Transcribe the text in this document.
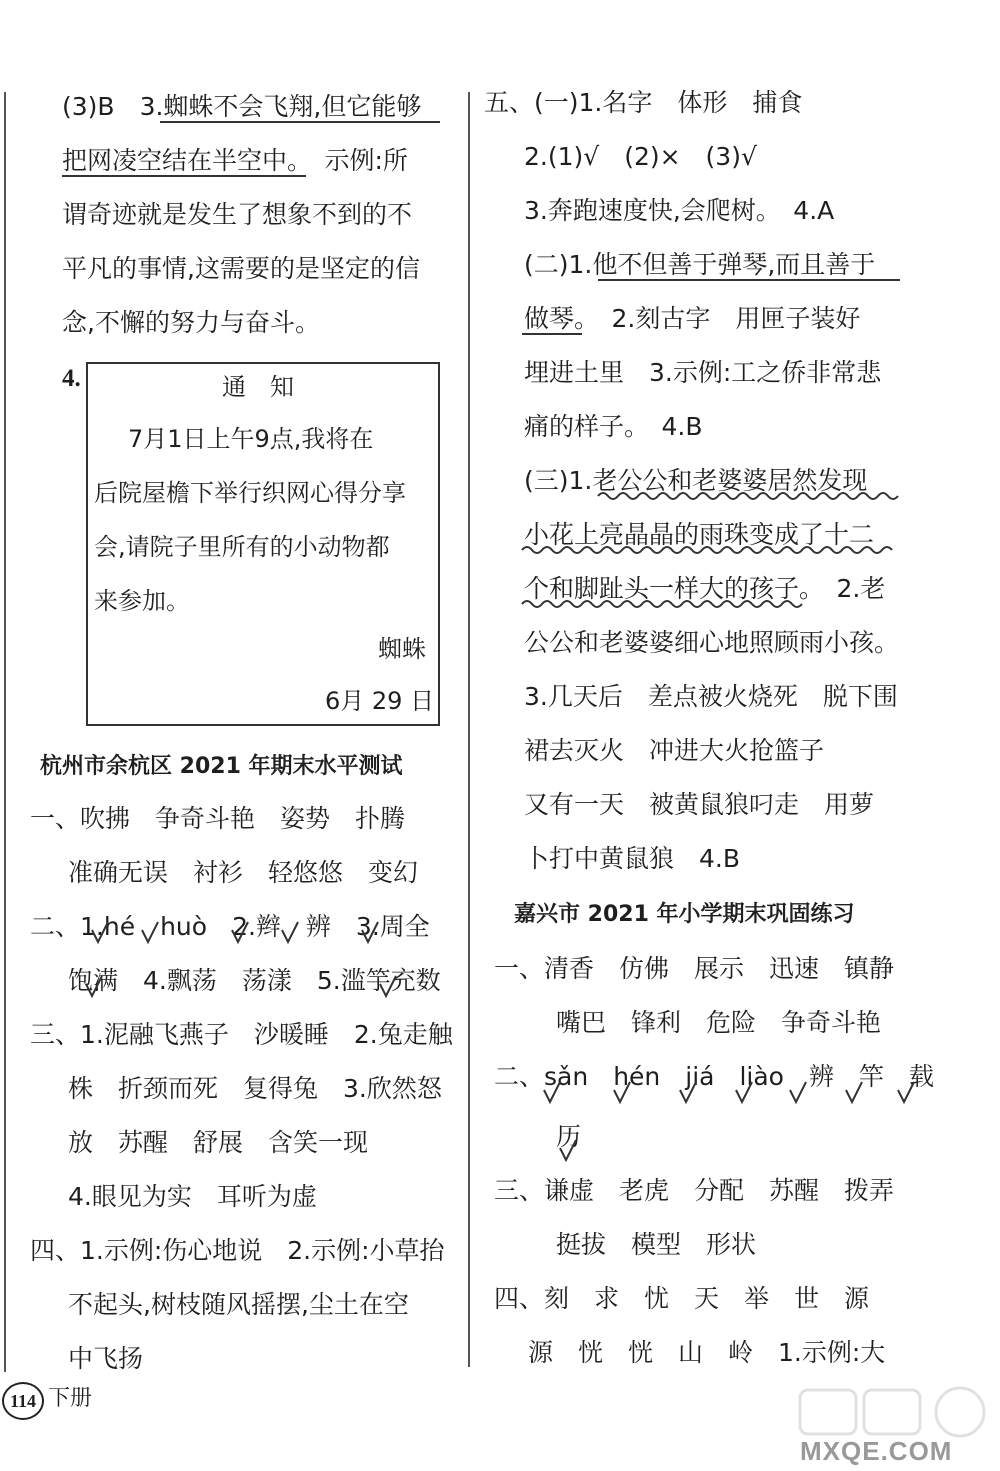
(3)B　3.蜘蛛不会飞翔,但它能够
把网凌空结在半空中。　示例:所
谓奇迹就是发生了想象不到的不
平凡的事情,这需要的是坚定的信
念,不懈的努力与奋斗。
4.	通　知
　7月1日上午9点,我将在
后院屋檐下举行织网心得分享
会,请院子里所有的小动物都
来参加。
蜘蛛
6月 29 日
杭州市余杭区 2021 年期末水平测试
一、吹拂　争奇斗艳　姿势　扑腾
准确无误　衬衫　轻悠悠　变幻
二、1.hé　huò　2.辫　辨　3.周全
饱满　4.飘荡　荡漾　5.滥竽充数
三、1.泥融飞燕子　沙暖睡　2.兔走触
株　折颈而死　复得兔　3.欣然怒
放　苏醒　舒展　含笑一现
4.眼见为实　耳听为虚
四、1.示例:伤心地说　2.示例:小草抬
不起头,树枝随风摇摆,尘土在空
中飞扬
五、(一)1.名字　体形　捕食
2.(1)√　(2)×　(3)√
3.奔跑速度快,会爬树。　4.A
(二)1.他不但善于弹琴,而且善于
做琴。　2.刻古字　用匣子装好
埋进土里　3.示例:工之侨非常悲
痛的样子。　4.B
(三)1.老公公和老婆婆居然发现
小花上亮晶晶的雨珠变成了十二
个和脚趾头一样大的孩子。　2.老
公公和老婆婆细心地照顾雨小孩。
3.几天后　差点被火烧死　脱下围
裙去灭火　冲进大火抢篮子
又有一天　被黄鼠狼叼走　用萝
卜打中黄鼠狼　4.B
嘉兴市 2021 年小学期末巩固练习
一、清香　仿佛　展示　迅速　镇静
嘴巴　锋利　危险　争奇斗艳
二、sǎn　hén　jiá　liào　辨　竿　载
历
三、谦虚　老虎　分配　苏醒　拨弄
挺拔　模型　形状
四、刻　求　忧　天　举　世　源
源　恍　恍　山　岭　1.示例:大
114 下册
MXQE.COM
